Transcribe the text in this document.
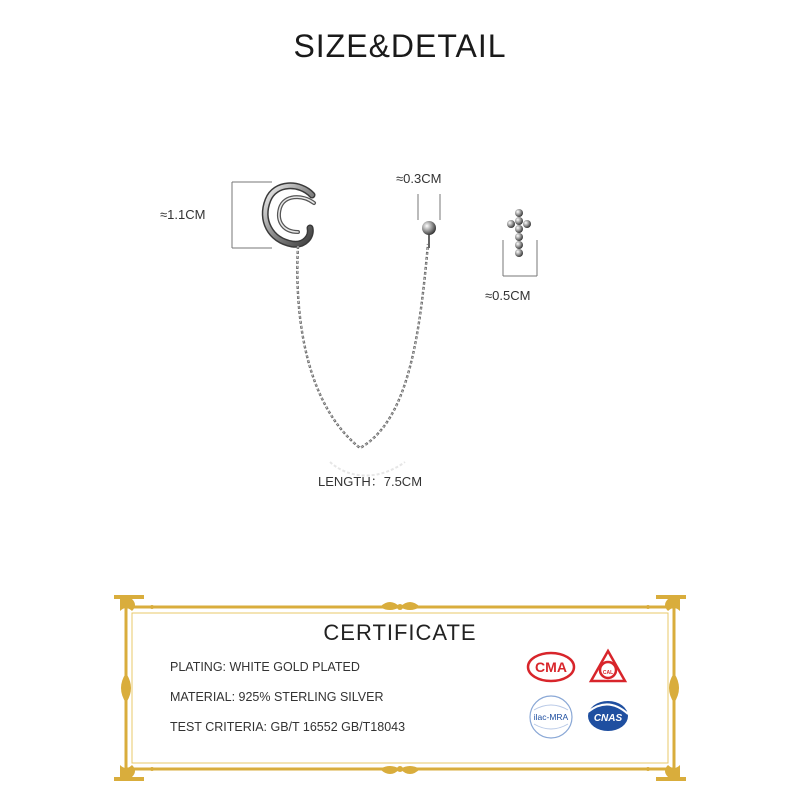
SIZE&DETAIL
≈1.1CM
≈0.3CM
≈0.5CM
LENGTH：7.5CM
CERTIFICATE
PLATING: WHITE GOLD PLATED
MATERIAL: 925% STERLING SILVER
TEST CRITERIA: GB/T 16552 GB/T18043
CMA	CAL
ilac-MRA	CNAS
